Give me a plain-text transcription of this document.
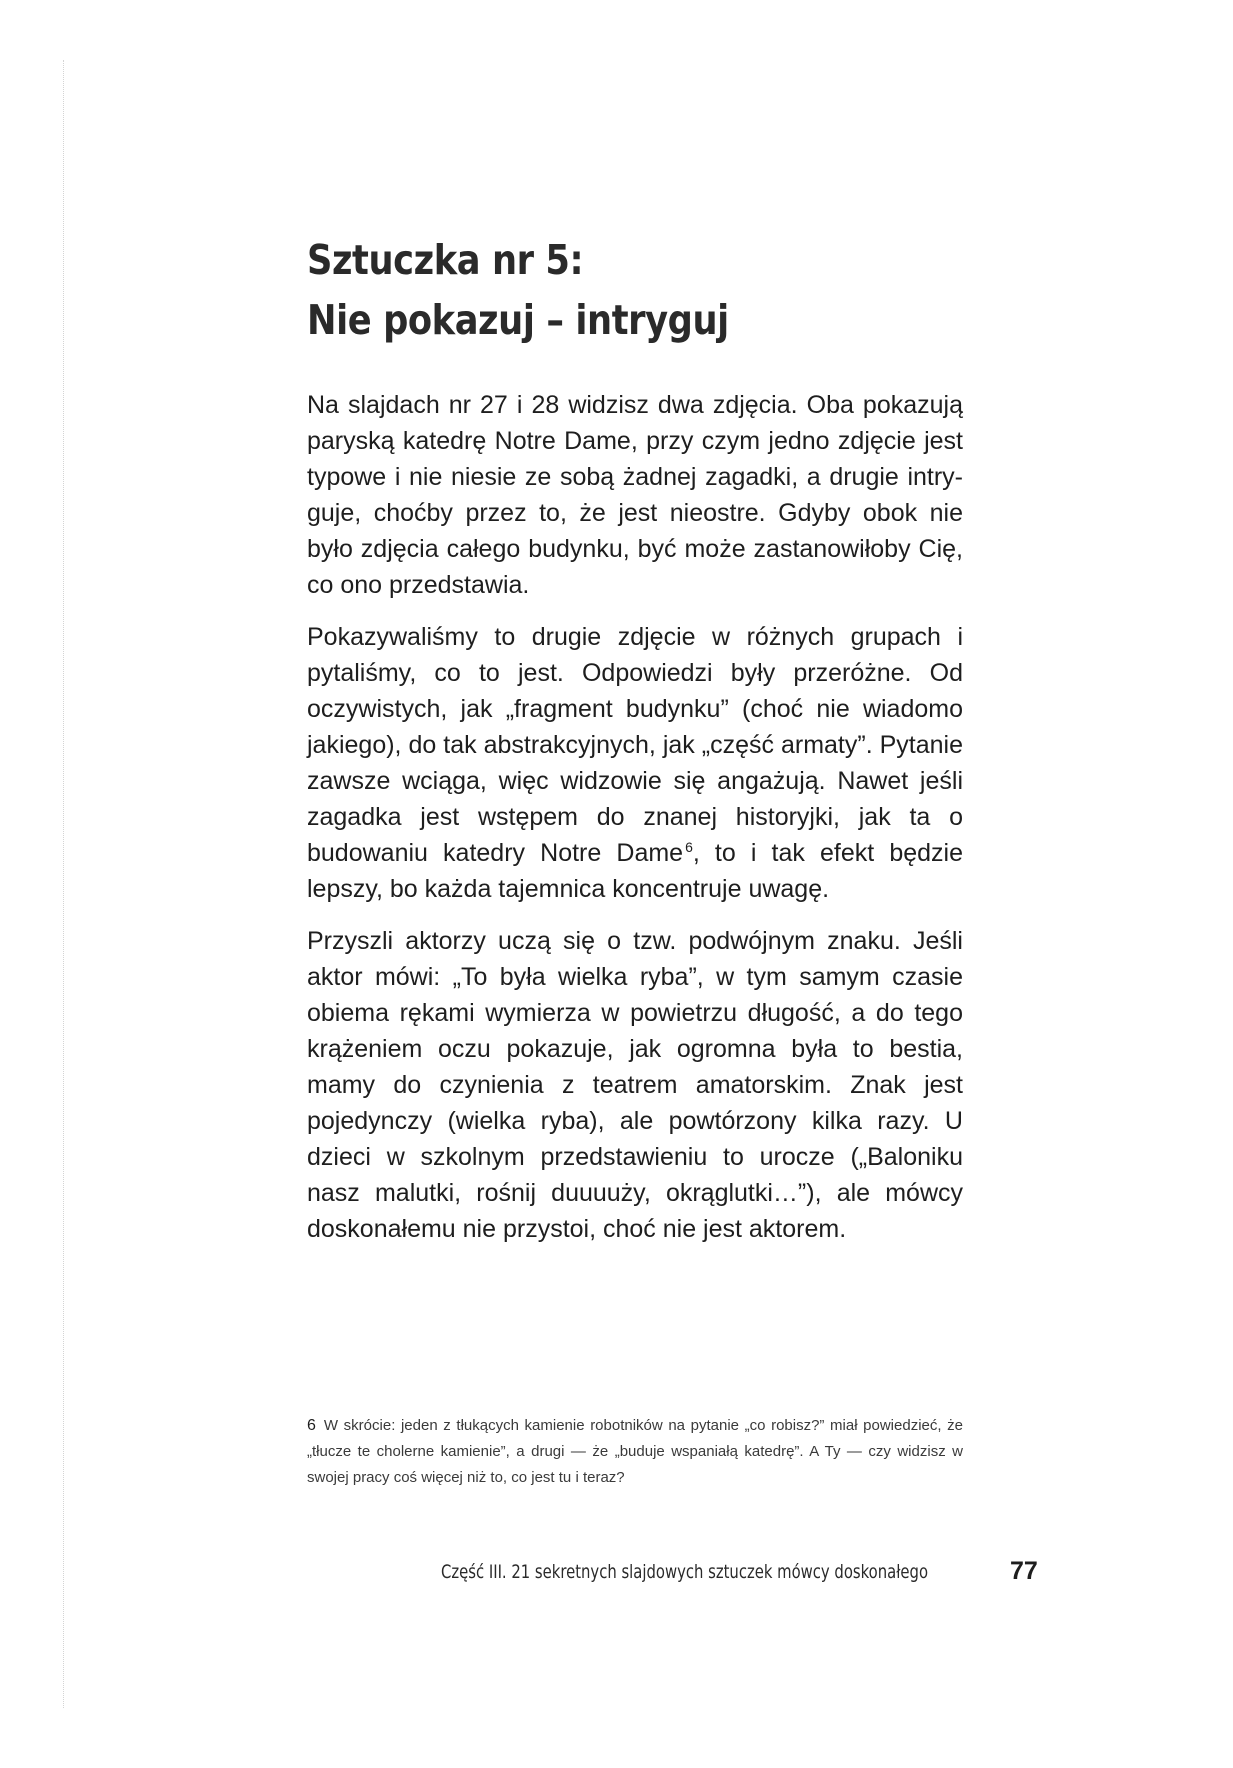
Sztuczka nr 5:
Nie pokazuj – intryguj

Na slajdach nr 27 i 28 widzisz dwa zdjęcia. Oba pokazują paryską katedrę Notre Dame, przy czym jedno zdjęcie jest typowe i nie niesie ze sobą żadnej zagadki, a drugie intryguje, choćby przez to, że jest nieostre. Gdyby obok nie było zdjęcia całego budynku, być może zastanowiłoby Cię, co ono przedstawia.

Pokazywaliśmy to drugie zdjęcie w różnych grupach i pytaliśmy, co to jest. Odpowiedzi były przeróżne. Od oczywistych, jak „fragment budynku” (choć nie wiadomo jakiego), do tak abstrakcyjnych, jak „część armaty”. Pytanie zawsze wciąga, więc widzowie się angażują. Nawet jeśli zagadka jest wstępem do znanej historyjki, jak ta o budowaniu katedry Notre Dame $^6$, to i tak efekt będzie lepszy, bo każda tajemnica koncentruje uwagę.

Przyszli aktorzy uczą się o tzw. podwójnym znaku. Jeśli aktor mówi: „To była wielka ryba”, w tym samym czasie obiema rękami wymierza w powietrzu długość, a do tego krążeniem oczu pokazuje, jak ogromna była to bestia, mamy do czynienia z teatrem amatorskim. Znak jest pojedynczy (wielka ryba), ale powtórzony kilka razy. U dzieci w szkolnym przedstawieniu to urocze („Baloniku nasz malutki, rośnij duuuuży, okrąglutki…”), ale mówcy doskonałemu nie przystoi, choć nie jest aktorem.

6 W skrócie: jeden z tłukących kamienie robotników na pytanie „co robisz?” miał powiedzieć, że „tłucze te cholerne kamienie”, a drugi — że „buduje wspaniałą katedrę”. A Ty — czy widzisz w swojej pracy coś więcej niż to, co jest tu i teraz?
Część III. 21 sekretnych slajdowych sztuczek mówcy doskonałego	77
